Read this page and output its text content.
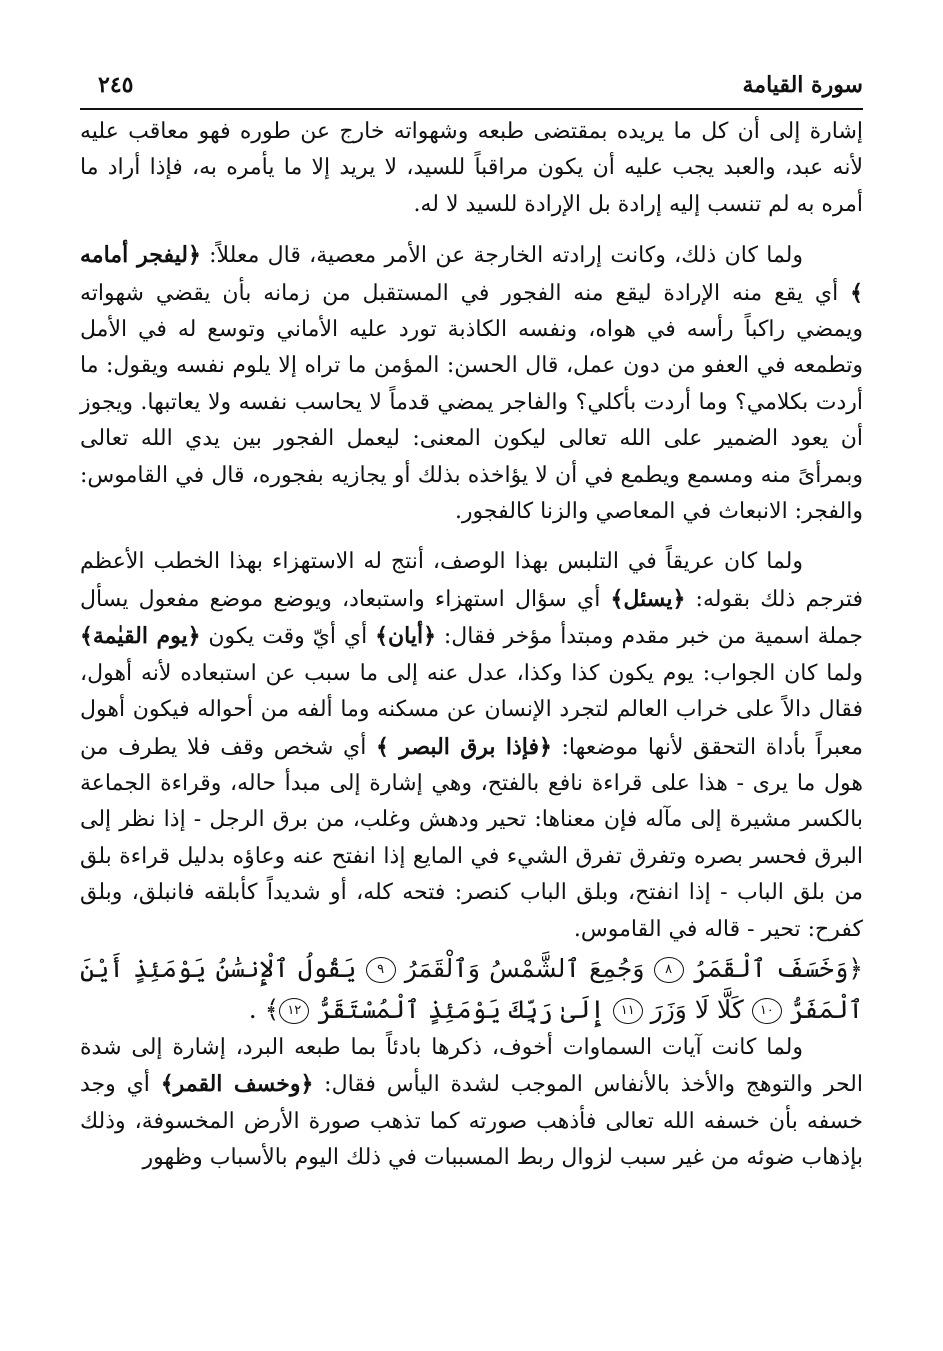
٢٤٥	سورة القيامة

إشارة إلى أن كل ما يريده بمقتضى طبعه وشهواته خارج عن طوره فهو معاقب عليه لأنه عبد، والعبد يجب عليه أن يكون مراقباً للسيد، لا يريد إلا ما يأمره به، فإذا أراد ما أمره به لم تنسب إليه إرادة بل الإرادة للسيد لا له.

ولما كان ذلك، وكانت إرادته الخارجة عن الأمر معصية، قال معللاً: ﴿ليفجر أمامه ﴾ أي يقع منه الإرادة ليقع منه الفجور في المستقبل من زمانه بأن يقضي شهواته ويمضي راكباً رأسه في هواه، ونفسه الكاذبة تورد عليه الأماني وتوسع له في الأمل وتطمعه في العفو من دون عمل، قال الحسن: المؤمن ما تراه إلا يلوم نفسه ويقول: ما أردت بكلامي؟ وما أردت بأكلي؟ والفاجر يمضي قدماً لا يحاسب نفسه ولا يعاتبها. ويجوز أن يعود الضمير على الله تعالى ليكون المعنى: ليعمل الفجور بين يدي الله تعالى وبمرأىً منه ومسمع ويطمع في أن لا يؤاخذه بذلك أو يجازيه بفجوره، قال في القاموس: والفجر: الانبعاث في المعاصي والزنا كالفجور.

ولما كان عريقاً في التلبس بهذا الوصف، أنتج له الاستهزاء بهذا الخطب الأعظم فترجم ذلك بقوله: ﴿يسئل﴾ أي سؤال استهزاء واستبعاد، ويوضع موضع مفعول يسأل جملة اسمية من خبر مقدم ومبتدأ مؤخر فقال: ﴿أيان﴾ أي أيّ وقت يكون ﴿يوم القيٰمة﴾ ولما كان الجواب: يوم يكون كذا وكذا، عدل عنه إلى ما سبب عن استبعاده لأنه أهول، فقال دالاً على خراب العالم لتجرد الإنسان عن مسكنه وما ألفه من أحواله فيكون أهول معبراً بأداة التحقق لأنها موضعها: ﴿فإذا برق البصر ﴾ أي شخص وقف فلا يطرف من هول ما يرى - هذا على قراءة نافع بالفتح، وهي إشارة إلى مبدأ حاله، وقراءة الجماعة بالكسر مشيرة إلى مآله فإن معناها: تحير ودهش وغلب، من برق الرجل - إذا نظر إلى البرق فحسر بصره وتفرق تفرق الشيء في المايع إذا انفتح عنه وعاؤه بدليل قراءة بلق من بلق الباب - إذا انفتح، وبلق الباب كنصر: فتحه كله، أو شديداً كأبلقه فانبلق، وبلق كفرح: تحير - قاله في القاموس.

﴿وَخَسَفَ ٱلْقَمَرُ ٨ وَجُمِعَ ٱلشَّمْسُ وَٱلْقَمَرُ ٩ يَقُولُ ٱلْإِنسَٰنُ يَوْمَئِذٍ أَيْنَ ٱلْمَفَرُّ ١٠ كَلَّا لَا وَزَرَ ١١ إِلَىٰ رَبِّكَ يَوْمَئِذٍ ٱلْمُسْتَقَرُّ ١٢﴾ .

ولما كانت آيات السماوات أخوف، ذكرها بادئاً بما طبعه البرد، إشارة إلى شدة الحر والتوهج والأخذ بالأنفاس الموجب لشدة اليأس فقال: ﴿وخسف القمر﴾ أي وجد خسفه بأن خسفه الله تعالى فأذهب صورته كما تذهب صورة الأرض المخسوفة، وذلك بإذهاب ضوئه من غير سبب لزوال ربط المسببات في ذلك اليوم بالأسباب وظهور
